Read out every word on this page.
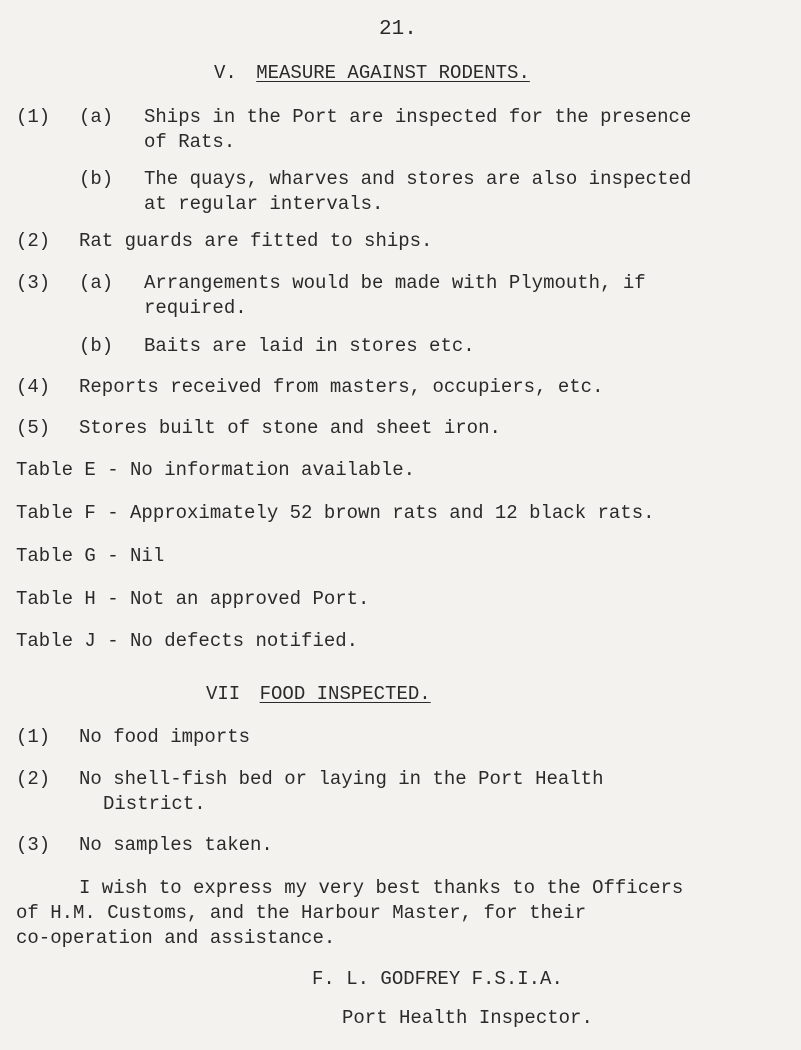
21.
V. MEASURE AGAINST RODENTS.
(1) (a) Ships in the Port are inspected for the presence
of Rats.
(b) The quays, wharves and stores are also inspected
at regular intervals.
(2) Rat guards are fitted to ships.
(3) (a) Arrangements would be made with Plymouth, if
required.
(b) Baits are laid in stores etc.
(4) Reports received from masters, occupiers, etc.
(5) Stores built of stone and sheet iron.
Table E - No information available.
Table F - Approximately 52 brown rats and 12 black rats.
Table G - Nil
Table H - Not an approved Port.
Table J - No defects notified.
VII FOOD INSPECTED.
(1) No food imports
(2) No shell-fish bed or laying in the Port Health
District.
(3) No samples taken.
I wish to express my very best thanks to the Officers
of H.M. Customs, and the Harbour Master, for their
co-operation and assistance.
F. L. GODFREY F.S.I.A.
Port Health Inspector.
